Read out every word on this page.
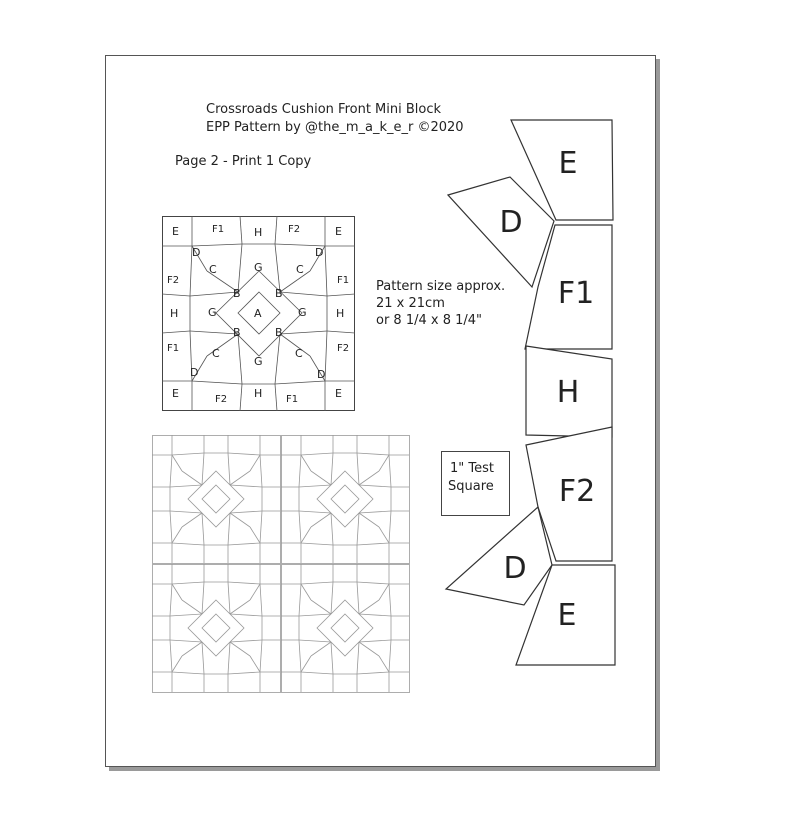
Crossroads Cushion Front Mini Block
EPP Pattern by @the_m_a_k_e_r ©2020
Page 2 - Print 1 Copy
Pattern size approx.
21 x 21cm
or 8 1/4 x 8 1/4"
E	F1	H	F2	E
D	D
C	G	C
F2	F1
B	B
H	G	A	G	H
B	B
F1	F2
C
G
C
D	D
E	F2 H F1	E
1" Test
Square
E
D
F1
H
F2
D
E
